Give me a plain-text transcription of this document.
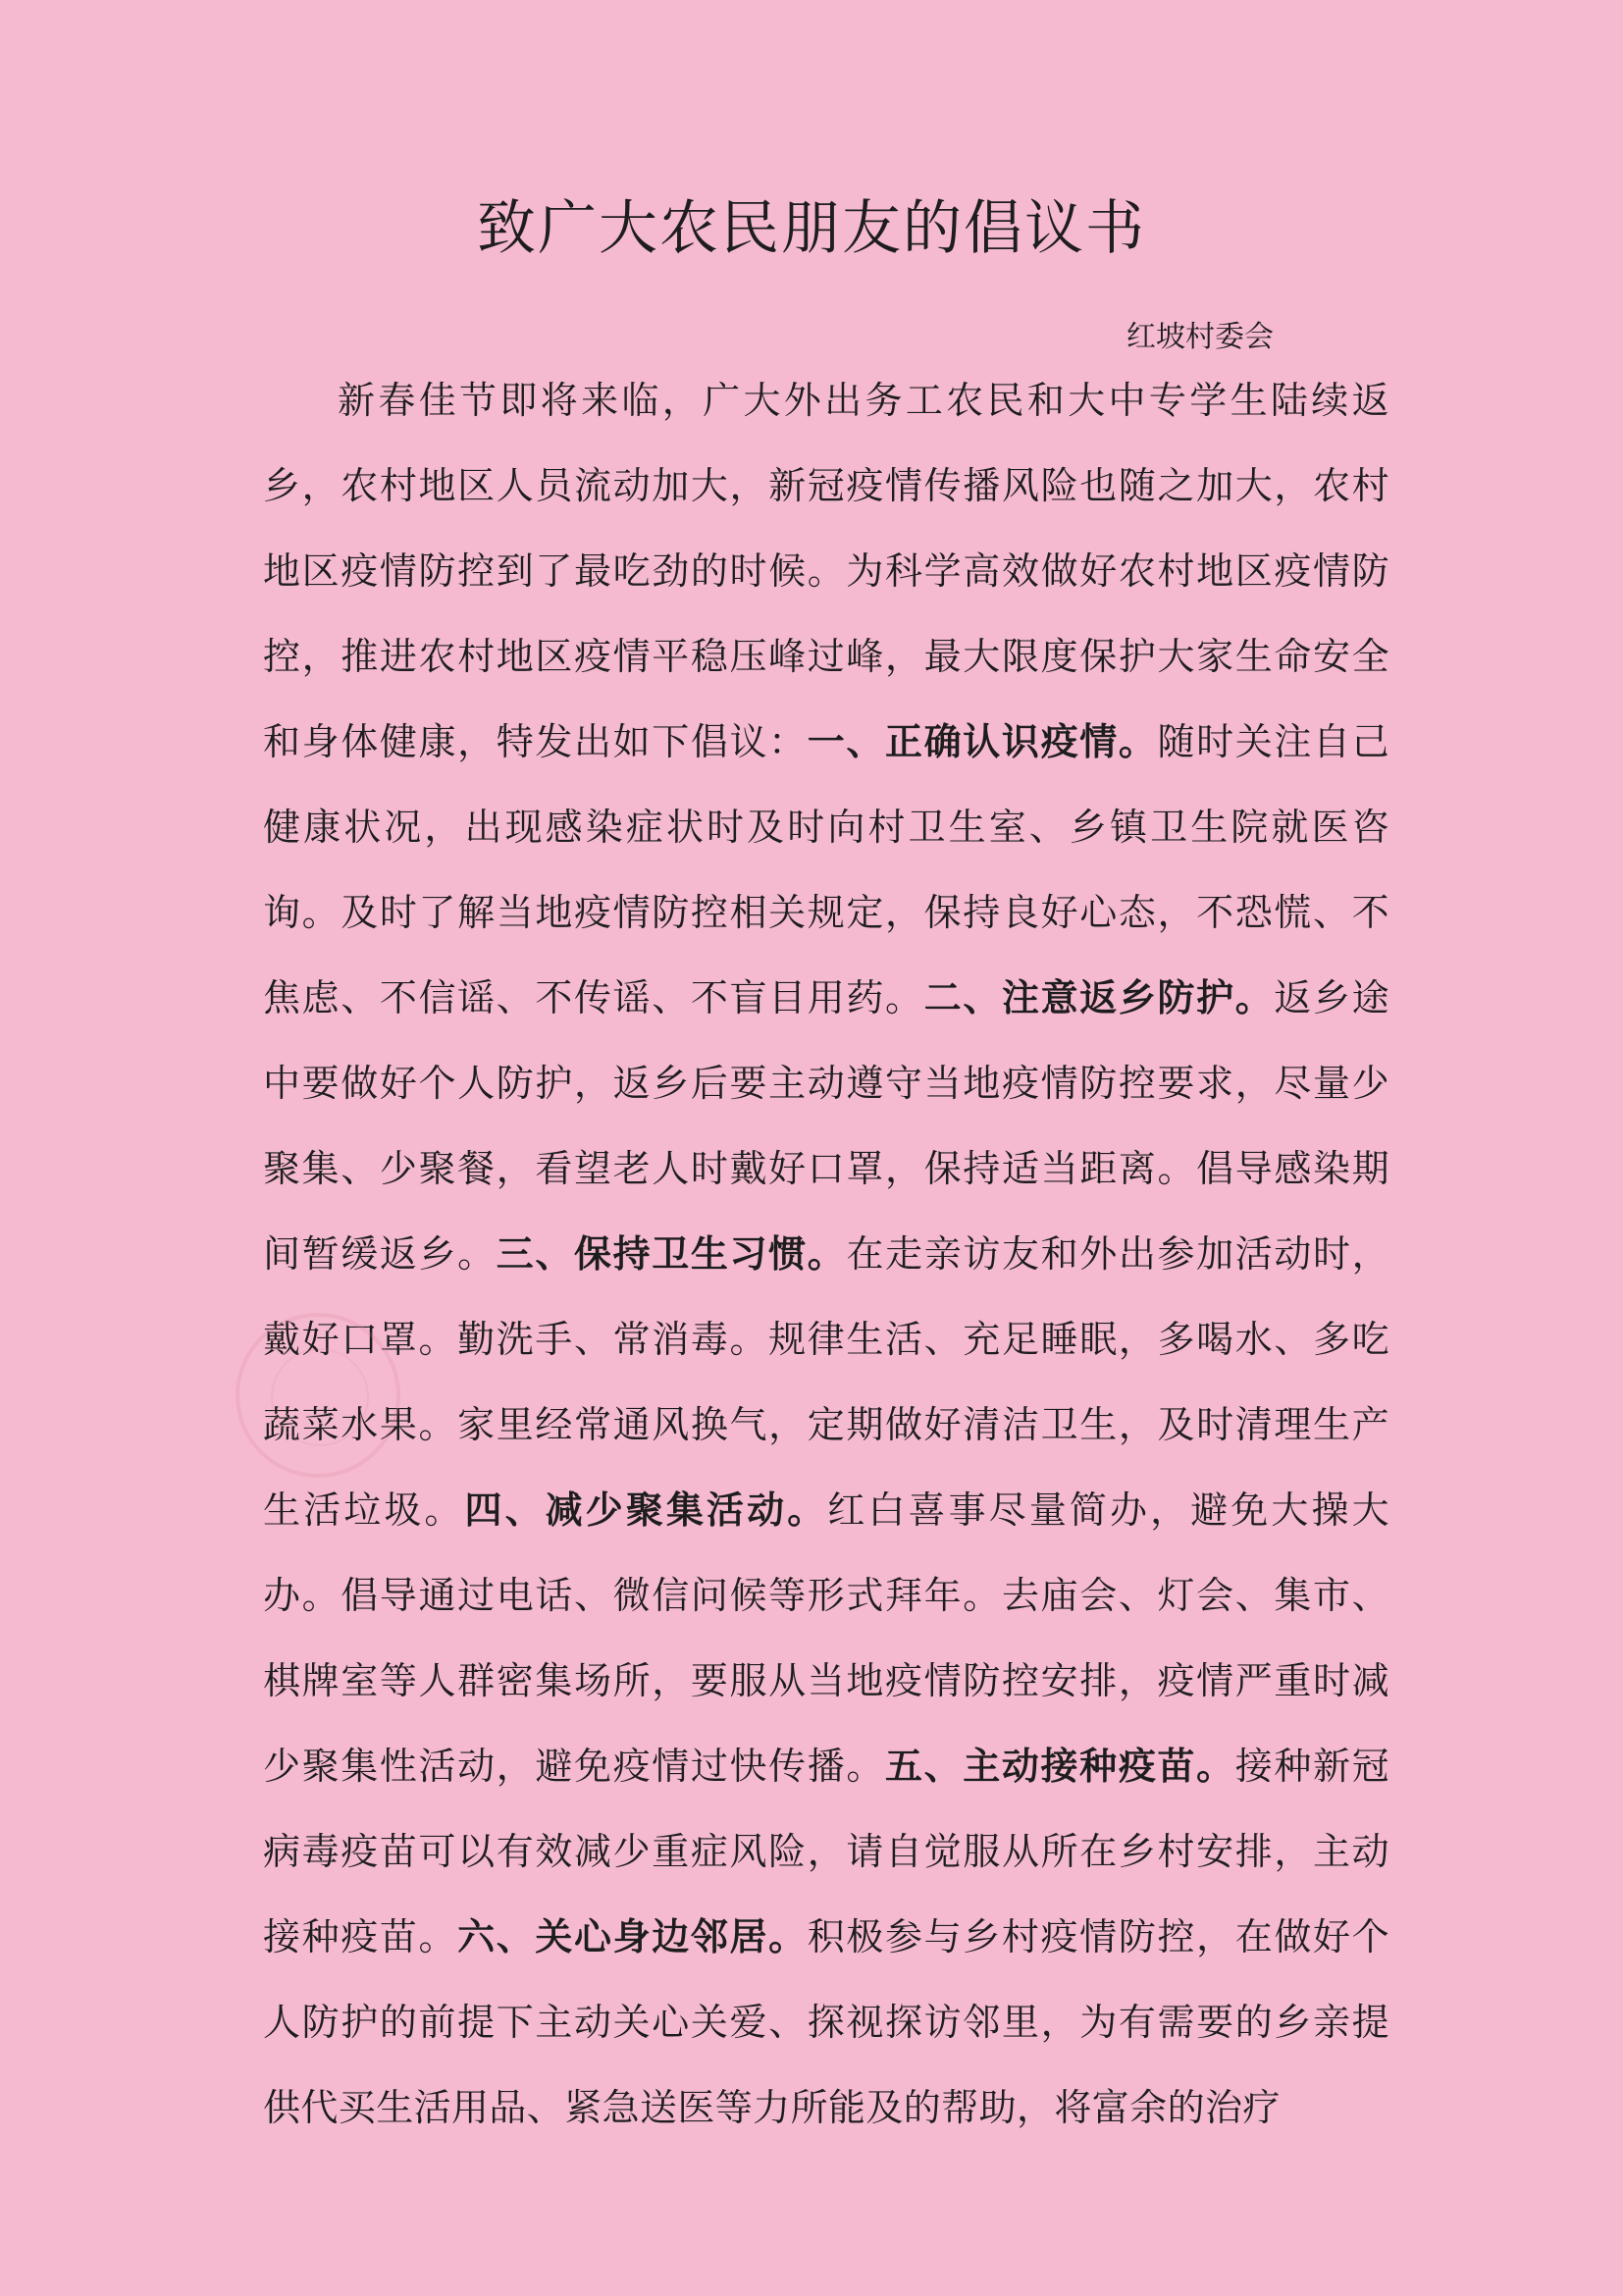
致广大农民朋友的倡议书

红坡村委会

新春佳节即将来临，广大外出务工农民和大中专学生陆续返乡，农村地区人员流动加大，新冠疫情传播风险也随之加大，农村地区疫情防控到了最吃劲的时候。为科学高效做好农村地区疫情防控，推进农村地区疫情平稳压峰过峰，最大限度保护大家生命安全和身体健康，特发出如下倡议：一、正确认识疫情。随时关注自己健康状况，出现感染症状时及时向村卫生室、乡镇卫生院就医咨询。及时了解当地疫情防控相关规定，保持良好心态，不恐慌、不焦虑、不信谣、不传谣、不盲目用药。二、注意返乡防护。返乡途中要做好个人防护，返乡后要主动遵守当地疫情防控要求，尽量少聚集、少聚餐，看望老人时戴好口罩，保持适当距离。倡导感染期间暂缓返乡。三、保持卫生习惯。在走亲访友和外出参加活动时，戴好口罩。勤洗手、常消毒。规律生活、充足睡眠，多喝水、多吃蔬菜水果。家里经常通风换气，定期做好清洁卫生，及时清理生产生活垃圾。四、减少聚集活动。红白喜事尽量简办，避免大操大办。倡导通过电话、微信问候等形式拜年。去庙会、灯会、集市、棋牌室等人群密集场所，要服从当地疫情防控安排，疫情严重时减少聚集性活动，避免疫情过快传播。五、主动接种疫苗。接种新冠病毒疫苗可以有效减少重症风险，请自觉服从所在乡村安排，主动接种疫苗。六、关心身边邻居。积极参与乡村疫情防控，在做好个人防护的前提下主动关心关爱、探视探访邻里，为有需要的乡亲提供代买生活用品、紧急送医等力所能及的帮助，将富余的治疗
